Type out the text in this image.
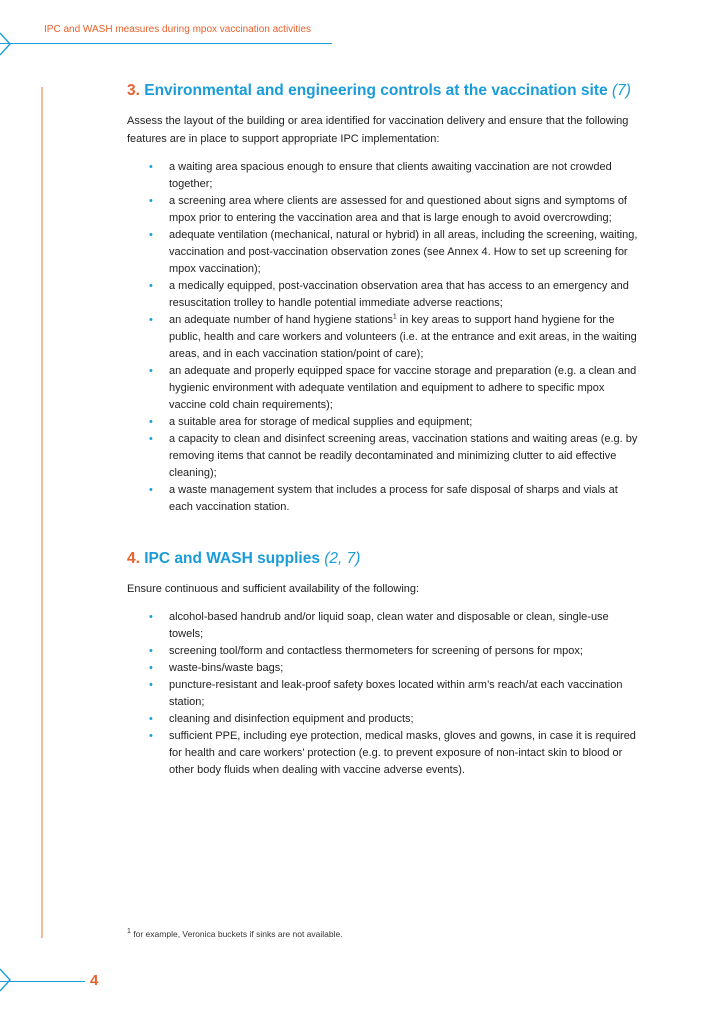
IPC and WASH measures during mpox vaccination activities
3. Environmental and engineering controls at the vaccination site (7)

Assess the layout of the building or area identified for vaccination delivery and ensure that the following features are in place to support appropriate IPC implementation:

• a waiting area spacious enough to ensure that clients awaiting vaccination are not crowded together;
• a screening area where clients are assessed for and questioned about signs and symptoms of mpox prior to entering the vaccination area and that is large enough to avoid overcrowding;
• adequate ventilation (mechanical, natural or hybrid) in all areas, including the screening, waiting, vaccination and post-vaccination observation zones (see Annex 4. How to set up screening for mpox vaccination);
• a medically equipped, post-vaccination observation area that has access to an emergency and resuscitation trolley to handle potential immediate adverse reactions;
• an adequate number of hand hygiene stations$^1$ in key areas to support hand hygiene for the public, health and care workers and volunteers (i.e. at the entrance and exit areas, in the waiting areas, and in each vaccination station/point of care);
• an adequate and properly equipped space for vaccine storage and preparation (e.g. a clean and hygienic environment with adequate ventilation and equipment to adhere to specific mpox vaccine cold chain requirements);
• a suitable area for storage of medical supplies and equipment;
• a capacity to clean and disinfect screening areas, vaccination stations and waiting areas (e.g. by removing items that cannot be readily decontaminated and minimizing clutter to aid effective cleaning);
• a waste management system that includes a process for safe disposal of sharps and vials at each vaccination station.
4. IPC and WASH supplies (2, 7)

Ensure continuous and sufficient availability of the following:

• alcohol-based handrub and/or liquid soap, clean water and disposable or clean, single-use towels;
• screening tool/form and contactless thermometers for screening of persons for mpox;
• waste-bins/waste bags;
• puncture-resistant and leak-proof safety boxes located within arm’s reach/at each vaccination station;
• cleaning and disinfection equipment and products;
• sufficient PPE, including eye protection, medical masks, gloves and gowns, in case it is required for health and care workers’ protection (e.g. to prevent exposure of non-intact skin to blood or other body fluids when dealing with vaccine adverse events).
$^1$ for example, Veronica buckets if sinks are not available.
4
